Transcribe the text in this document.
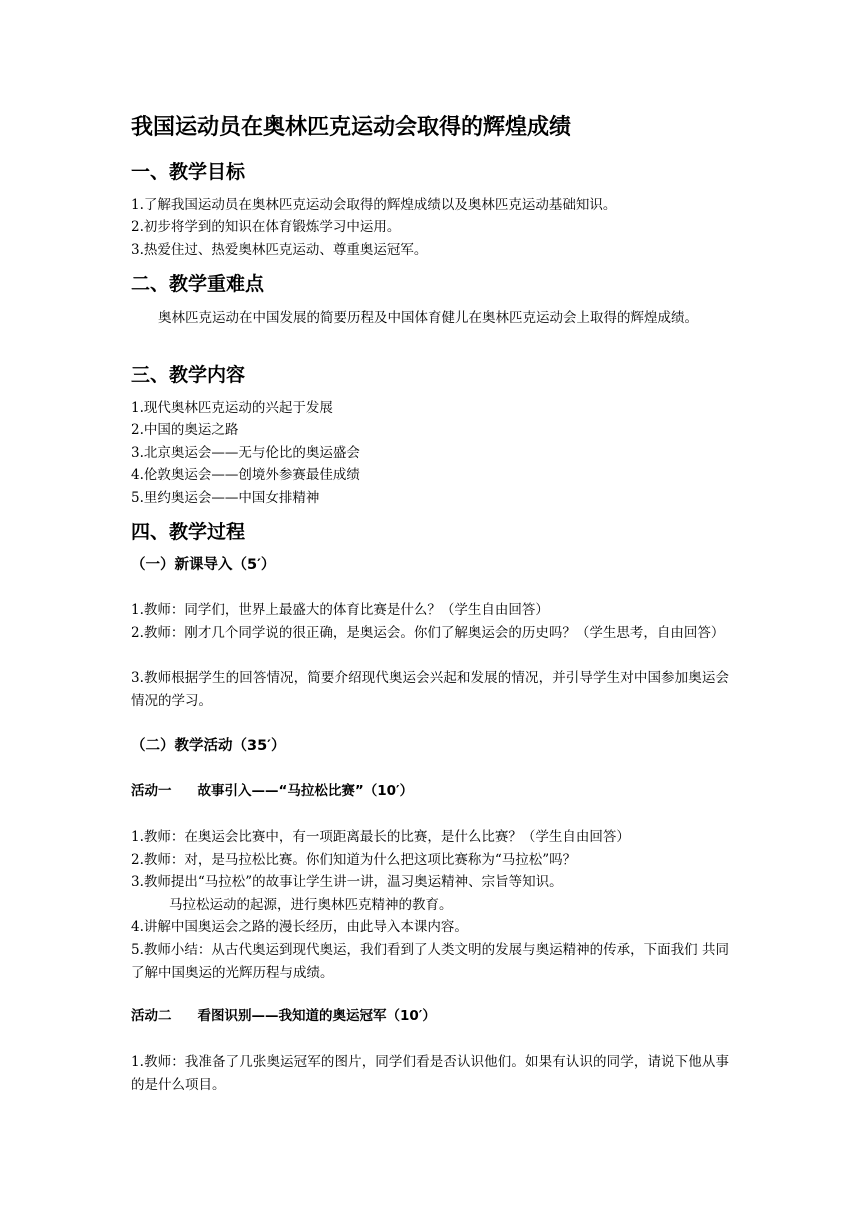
我国运动员在奥林匹克运动会取得的辉煌成绩
一、教学目标

1.了解我国运动员在奥林匹克运动会取得的辉煌成绩以及奥林匹克运动基础知识。

2.初步将学到的知识在体育锻炼学习中运用。

3.热爱住过、热爱奥林匹克运动、尊重奥运冠军。

二、教学重难点

奥林匹克运动在中国发展的简要历程及中国体育健儿在奥林匹克运动会上取得的辉煌成绩。

三、教学内容

1.现代奥林匹克运动的兴起于发展

2.中国的奥运之路

3.北京奥运会——无与伦比的奥运盛会

4.伦敦奥运会——创境外参赛最佳成绩

5.里约奥运会——中国女排精神

四、教学过程
（一）新课导入（5′）

1.教师：同学们，世界上最盛大的体育比赛是什么？（学生自由回答）

2.教师：刚才几个同学说的很正确，是奥运会。你们了解奥运会的历史吗？（学生思考，自由回答）

3.教师根据学生的回答情况，简要介绍现代奥运会兴起和发展的情况，并引导学生对中国参加奥运会情况的学习。

（二）教学活动（35′）
活动一 故事引入——“马拉松比赛”（10′）

1.教师：在奥运会比赛中，有一项距离最长的比赛，是什么比赛？（学生自由回答）

2.教师：对，是马拉松比赛。你们知道为什么把这项比赛称为“马拉松”吗？

3.教师提出“马拉松”的故事让学生讲一讲，温习奥运精神、宗旨等知识。

马拉松运动的起源，进行奥林匹克精神的教育。

4.讲解中国奥运会之路的漫长经历，由此导入本课内容。

5.教师小结：从古代奥运到现代奥运，我们看到了人类文明的发展与奥运精神的传承，下面我们 共同了解中国奥运的光辉历程与成绩。

活动二 看图识别——我知道的奥运冠军（10′）

1.教师：我准备了几张奥运冠军的图片，同学们看是否认识他们。如果有认识的同学，请说下他从事的是什么项目。
